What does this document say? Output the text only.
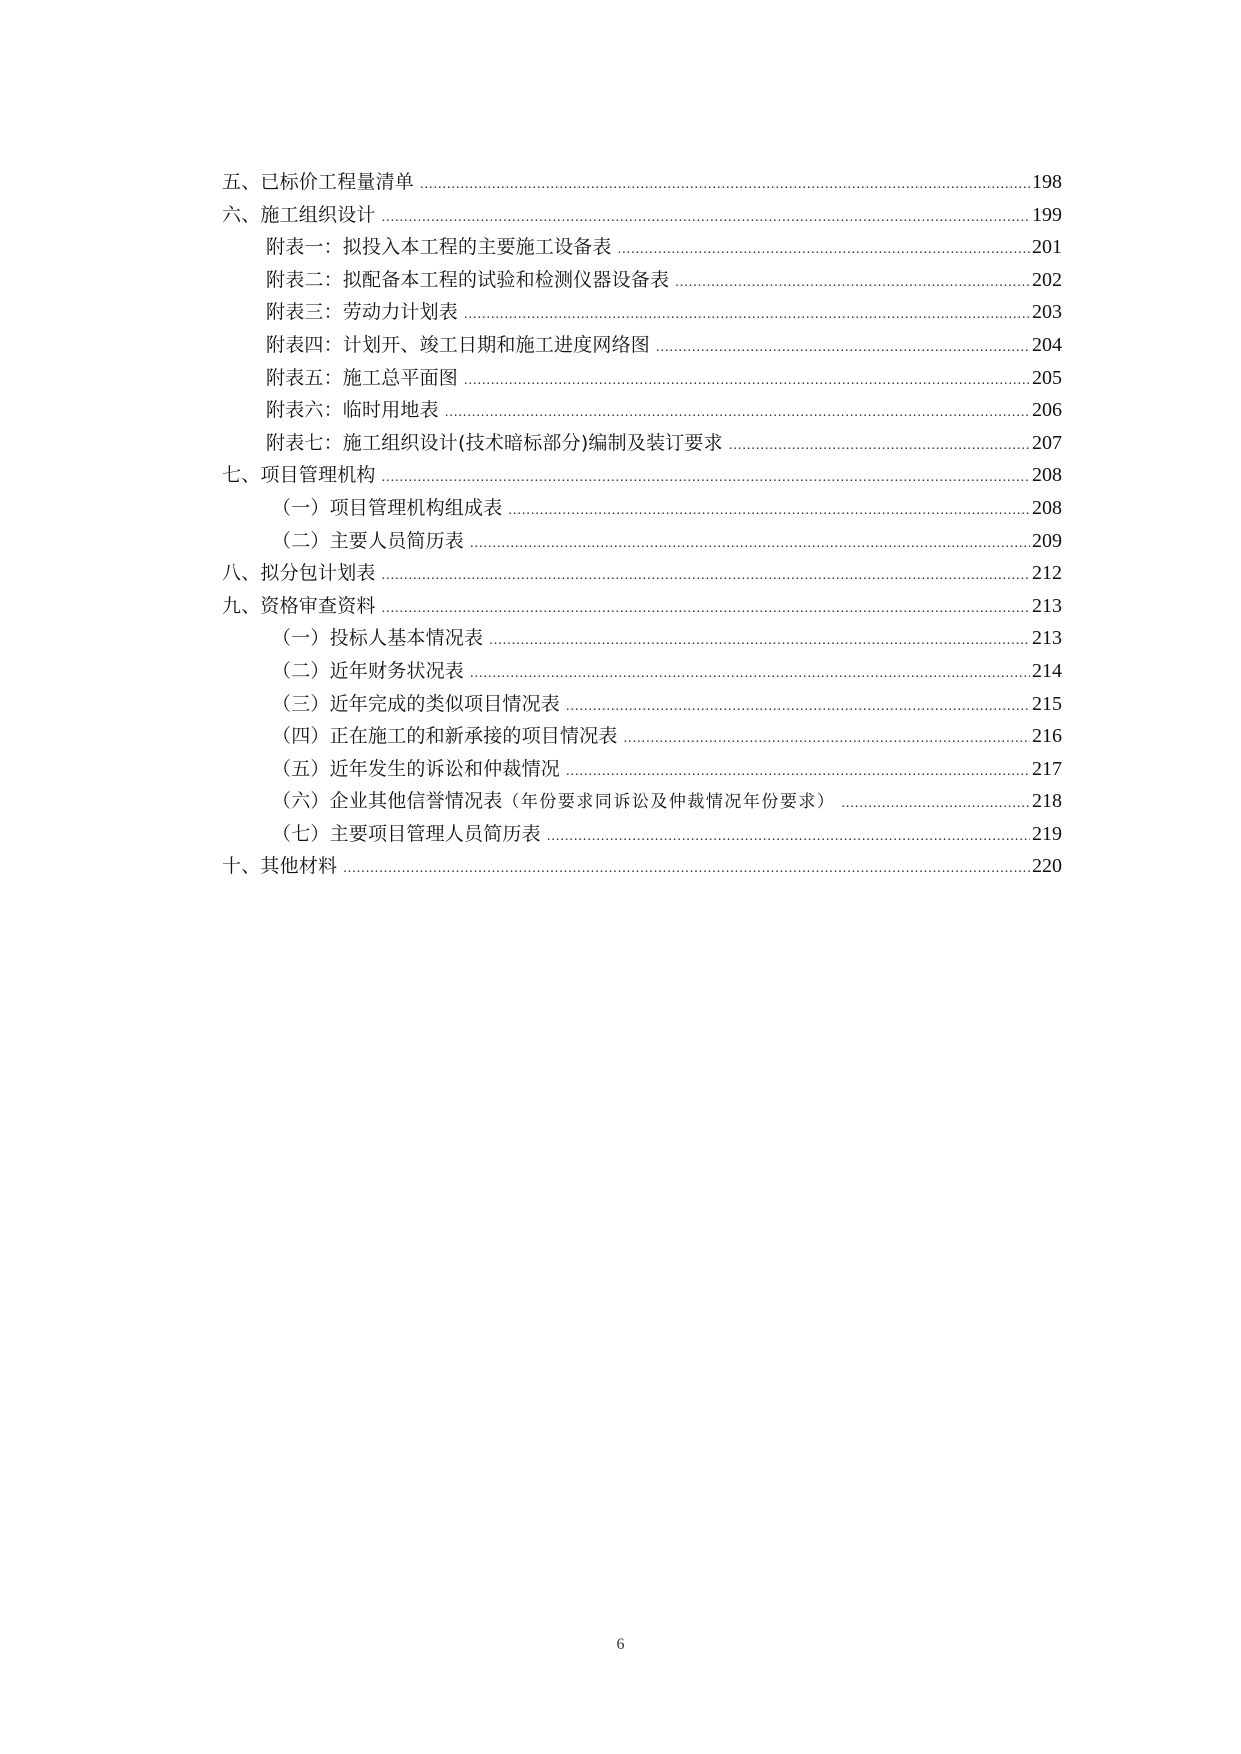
五、已标价工程量清单 .....	198
六、施工组织设计 .....	199
附表一：拟投入本工程的主要施工设备表 .....	201
附表二：拟配备本工程的试验和检测仪器设备表 .....	202
附表三：劳动力计划表 .....	203
附表四：计划开、竣工日期和施工进度网络图 .....	204
附表五：施工总平面图 .....	205
附表六：临时用地表 .....	206
附表七：施工组织设计(技术暗标部分)编制及装订要求 .....	207
七、项目管理机构 .....	208
（一）项目管理机构组成表 .....	208
（二）主要人员简历表 .....	209
八、拟分包计划表 .....	212
九、资格审查资料 .....	213
（一）投标人基本情况表 .....	213
（二）近年财务状况表 .....	214
（三）近年完成的类似项目情况表 .....	215
（四）正在施工的和新承接的项目情况表 .....	216
（五）近年发生的诉讼和仲裁情况 .....	217
（六）企业其他信誉情况表（年份要求同诉讼及仲裁情况年份要求） .....	218
（七）主要项目管理人员简历表 .....	219
十、其他材料 .....	220
6
